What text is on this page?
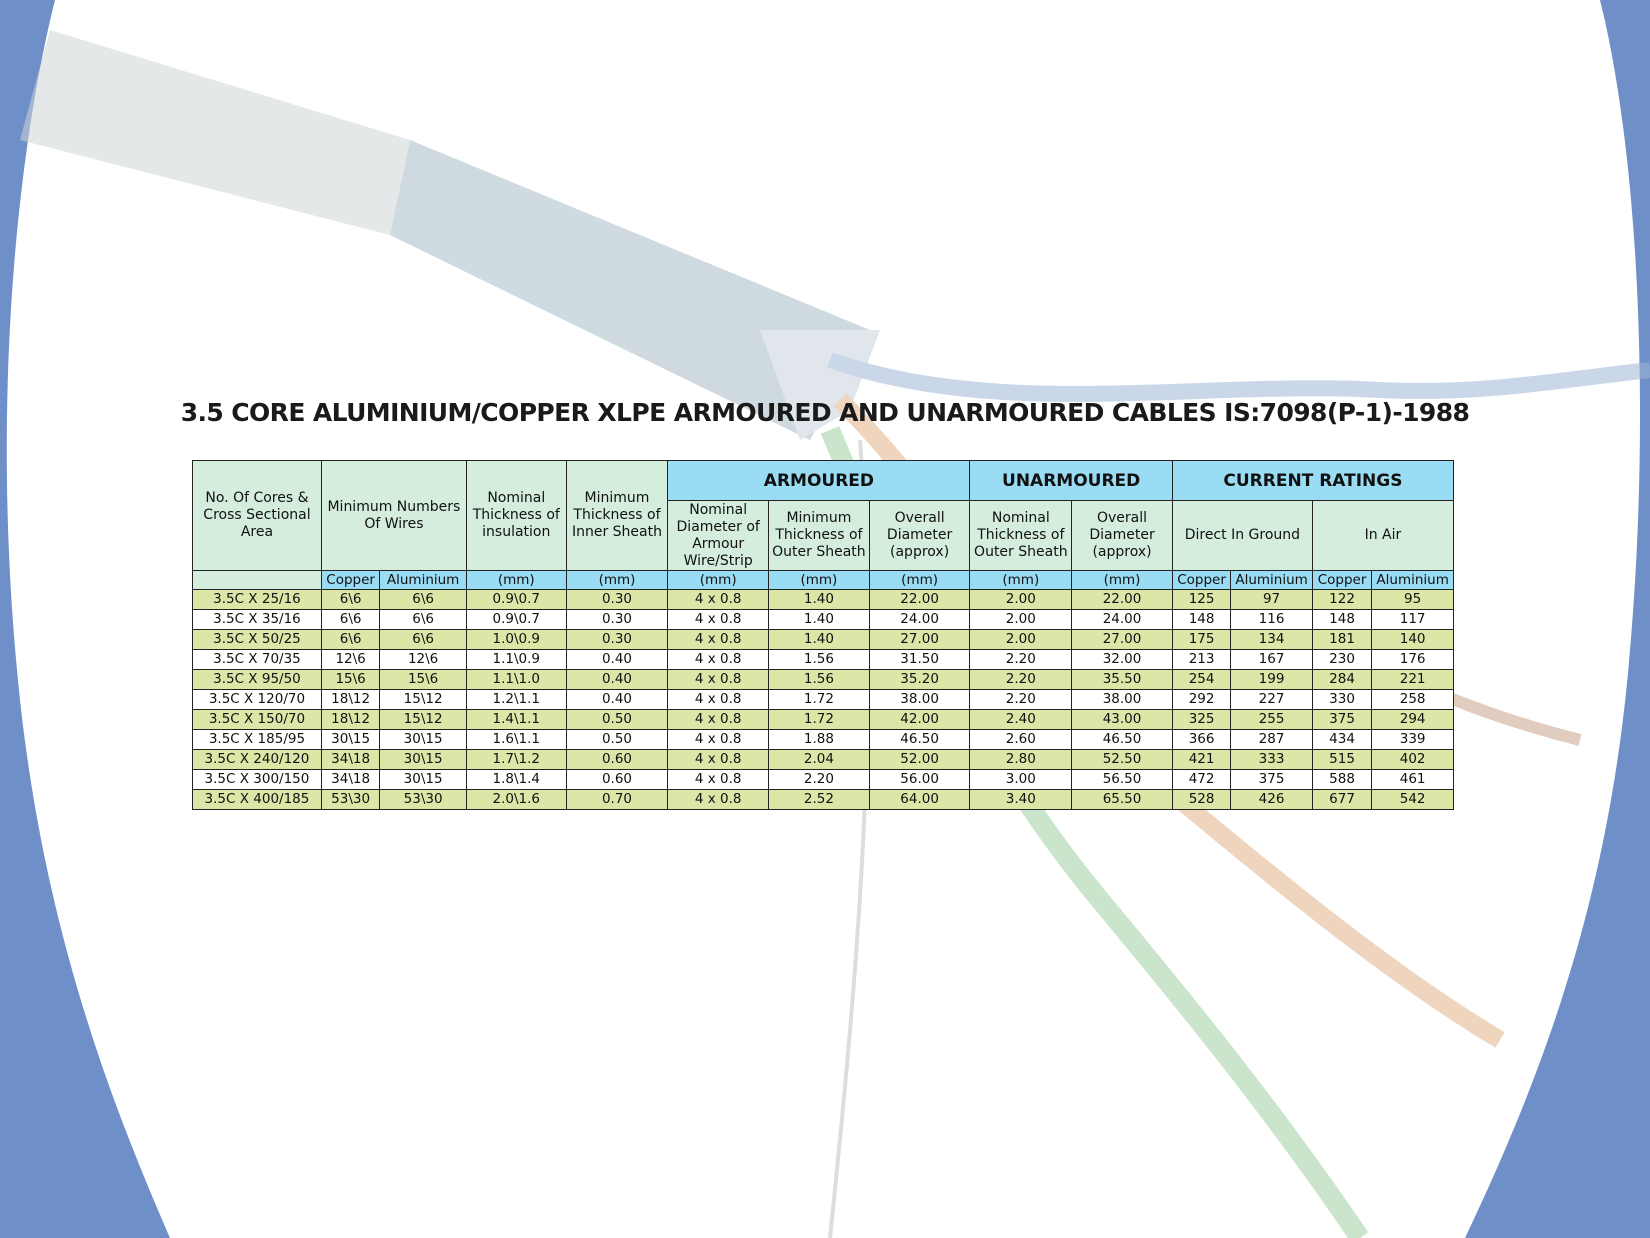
3.5 CORE ALUMINIUM/COPPER XLPE ARMOURED AND UNARMOURED CABLES IS:7098(P-1)-1988
No. Of Cores & Cross Sectional Area	Minimum Numbers Of Wires		Nominal Thickness of insulation	Minimum Thickness of Inner Sheath	ARMOURED			UNARMOURED		CURRENT RATINGS			
					Nominal Diameter of Armour Wire/Strip	Minimum Thickness of Outer Sheath	Overall Diameter (approx)	Nominal Thickness of Outer Sheath	Overall Diameter (approx)	Direct In Ground		In Air	
	Copper	Aluminium	(mm)	(mm)	(mm)	(mm)	(mm)	(mm)	(mm)	Copper	Aluminium	Copper	Aluminium
3.5C X 25/16	6\6	6\6	0.9\0.7	0.30	4 x 0.8	1.40	22.00	2.00	22.00	125	97	122	95
3.5C X 35/16	6\6	6\6	0.9\0.7	0.30	4 x 0.8	1.40	24.00	2.00	24.00	148	116	148	117
3.5C X 50/25	6\6	6\6	1.0\0.9	0.30	4 x 0.8	1.40	27.00	2.00	27.00	175	134	181	140
3.5C X 70/35	12\6	12\6	1.1\0.9	0.40	4 x 0.8	1.56	31.50	2.20	32.00	213	167	230	176
3.5C X 95/50	15\6	15\6	1.1\1.0	0.40	4 x 0.8	1.56	35.20	2.20	35.50	254	199	284	221
3.5C X 120/70	18\12	15\12	1.2\1.1	0.40	4 x 0.8	1.72	38.00	2.20	38.00	292	227	330	258
3.5C X 150/70	18\12	15\12	1.4\1.1	0.50	4 x 0.8	1.72	42.00	2.40	43.00	325	255	375	294
3.5C X 185/95	30\15	30\15	1.6\1.1	0.50	4 x 0.8	1.88	46.50	2.60	46.50	366	287	434	339
3.5C X 240/120	34\18	30\15	1.7\1.2	0.60	4 x 0.8	2.04	52.00	2.80	52.50	421	333	515	402
3.5C X 300/150	34\18	30\15	1.8\1.4	0.60	4 x 0.8	2.20	56.00	3.00	56.50	472	375	588	461
3.5C X 400/185	53\30	53\30	2.0\1.6	0.70	4 x 0.8	2.52	64.00	3.40	65.50	528	426	677	542
